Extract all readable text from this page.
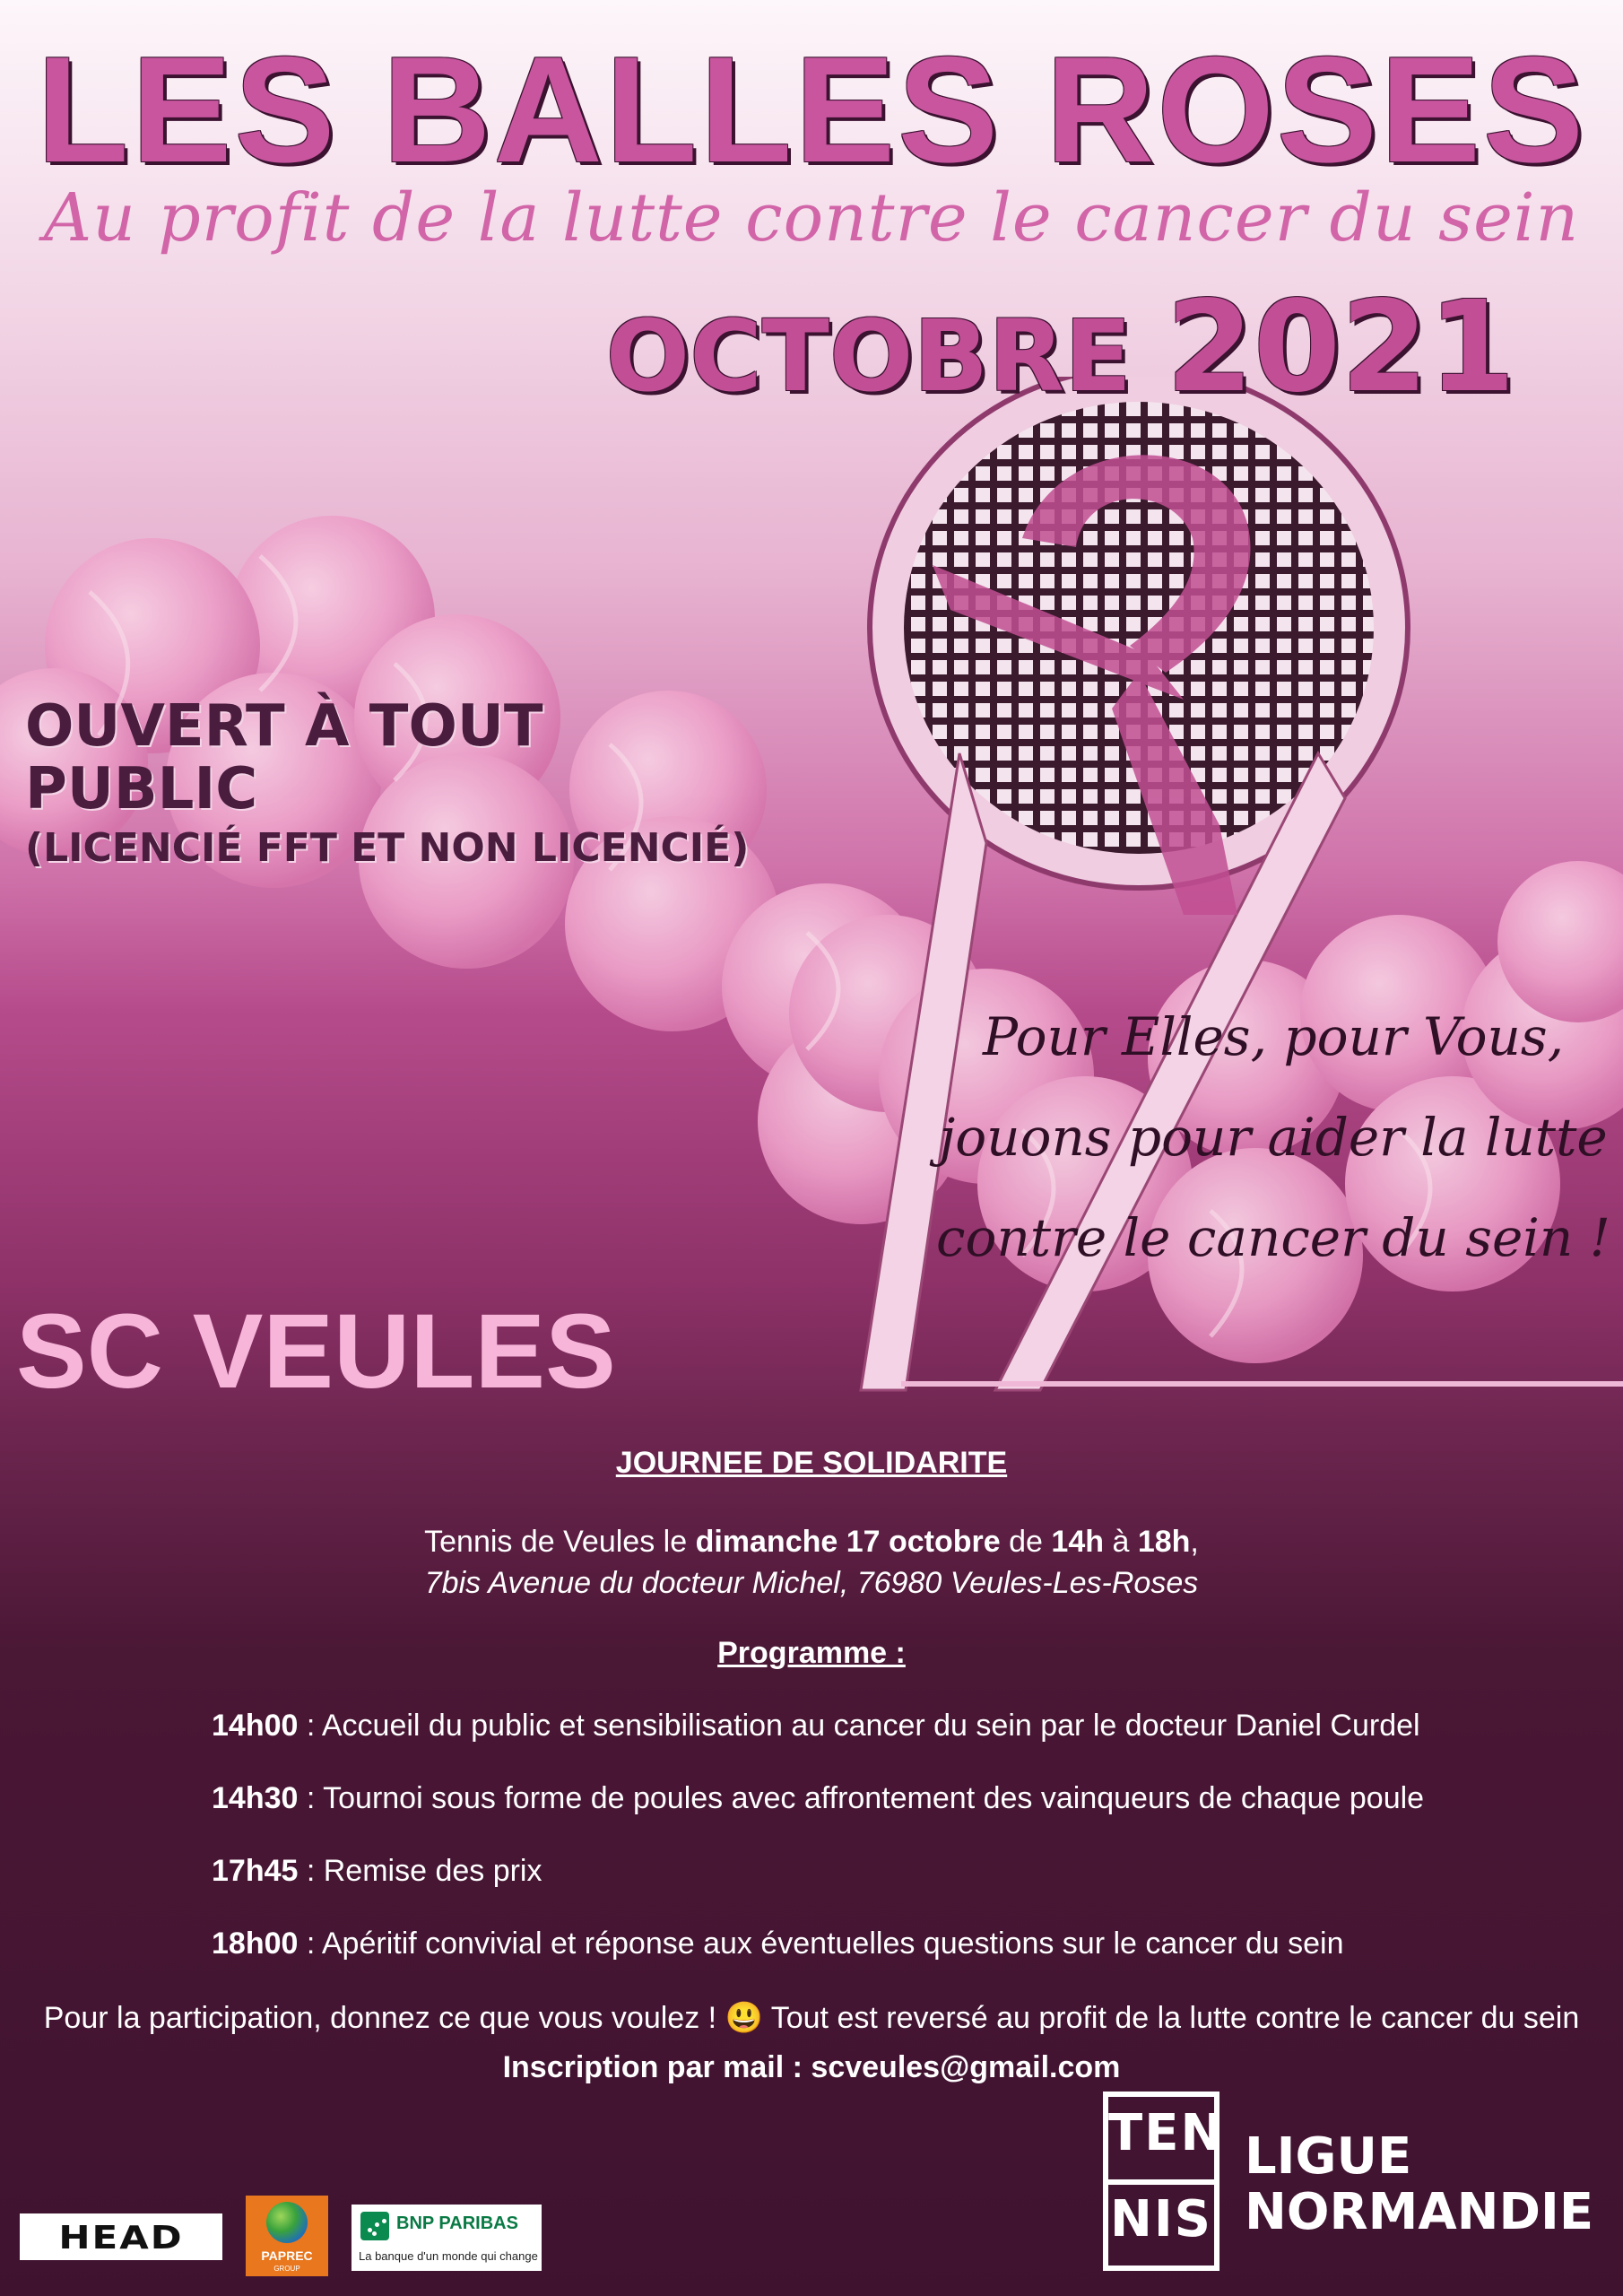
LES BALLES ROSES
Au profit de la lutte contre le cancer du sein
OCTOBRE 2021
OUVERT À TOUT PUBLIC
(LICENCIÉ FFT ET NON LICENCIÉ)
Pour Elles, pour Vous,
jouons pour aider la lutte
contre le cancer du sein !
SC VEULES
JOURNEE DE SOLIDARITE
Tennis de Veules le dimanche 17 octobre de 14h à 18h,
7bis Avenue du docteur Michel, 76980 Veules-Les-Roses
Programme :
14h00 : Accueil du public et sensibilisation au cancer du sein par le docteur Daniel Curdel
14h30 : Tournoi sous forme de poules avec affrontement des vainqueurs de chaque poule
17h45 : Remise des prix
18h00 : Apéritif convivial et réponse aux éventuelles questions sur le cancer du sein
Pour la participation, donnez ce que vous voulez ! 😃 Tout est reversé au profit de la lutte contre le cancer du sein
Inscription par mail : scveules@gmail.com
HEAD
PAPREC
GROUP
BNP PARIBAS
La banque d'un monde qui change
TEN
NIS
LIGUE
NORMANDIE
